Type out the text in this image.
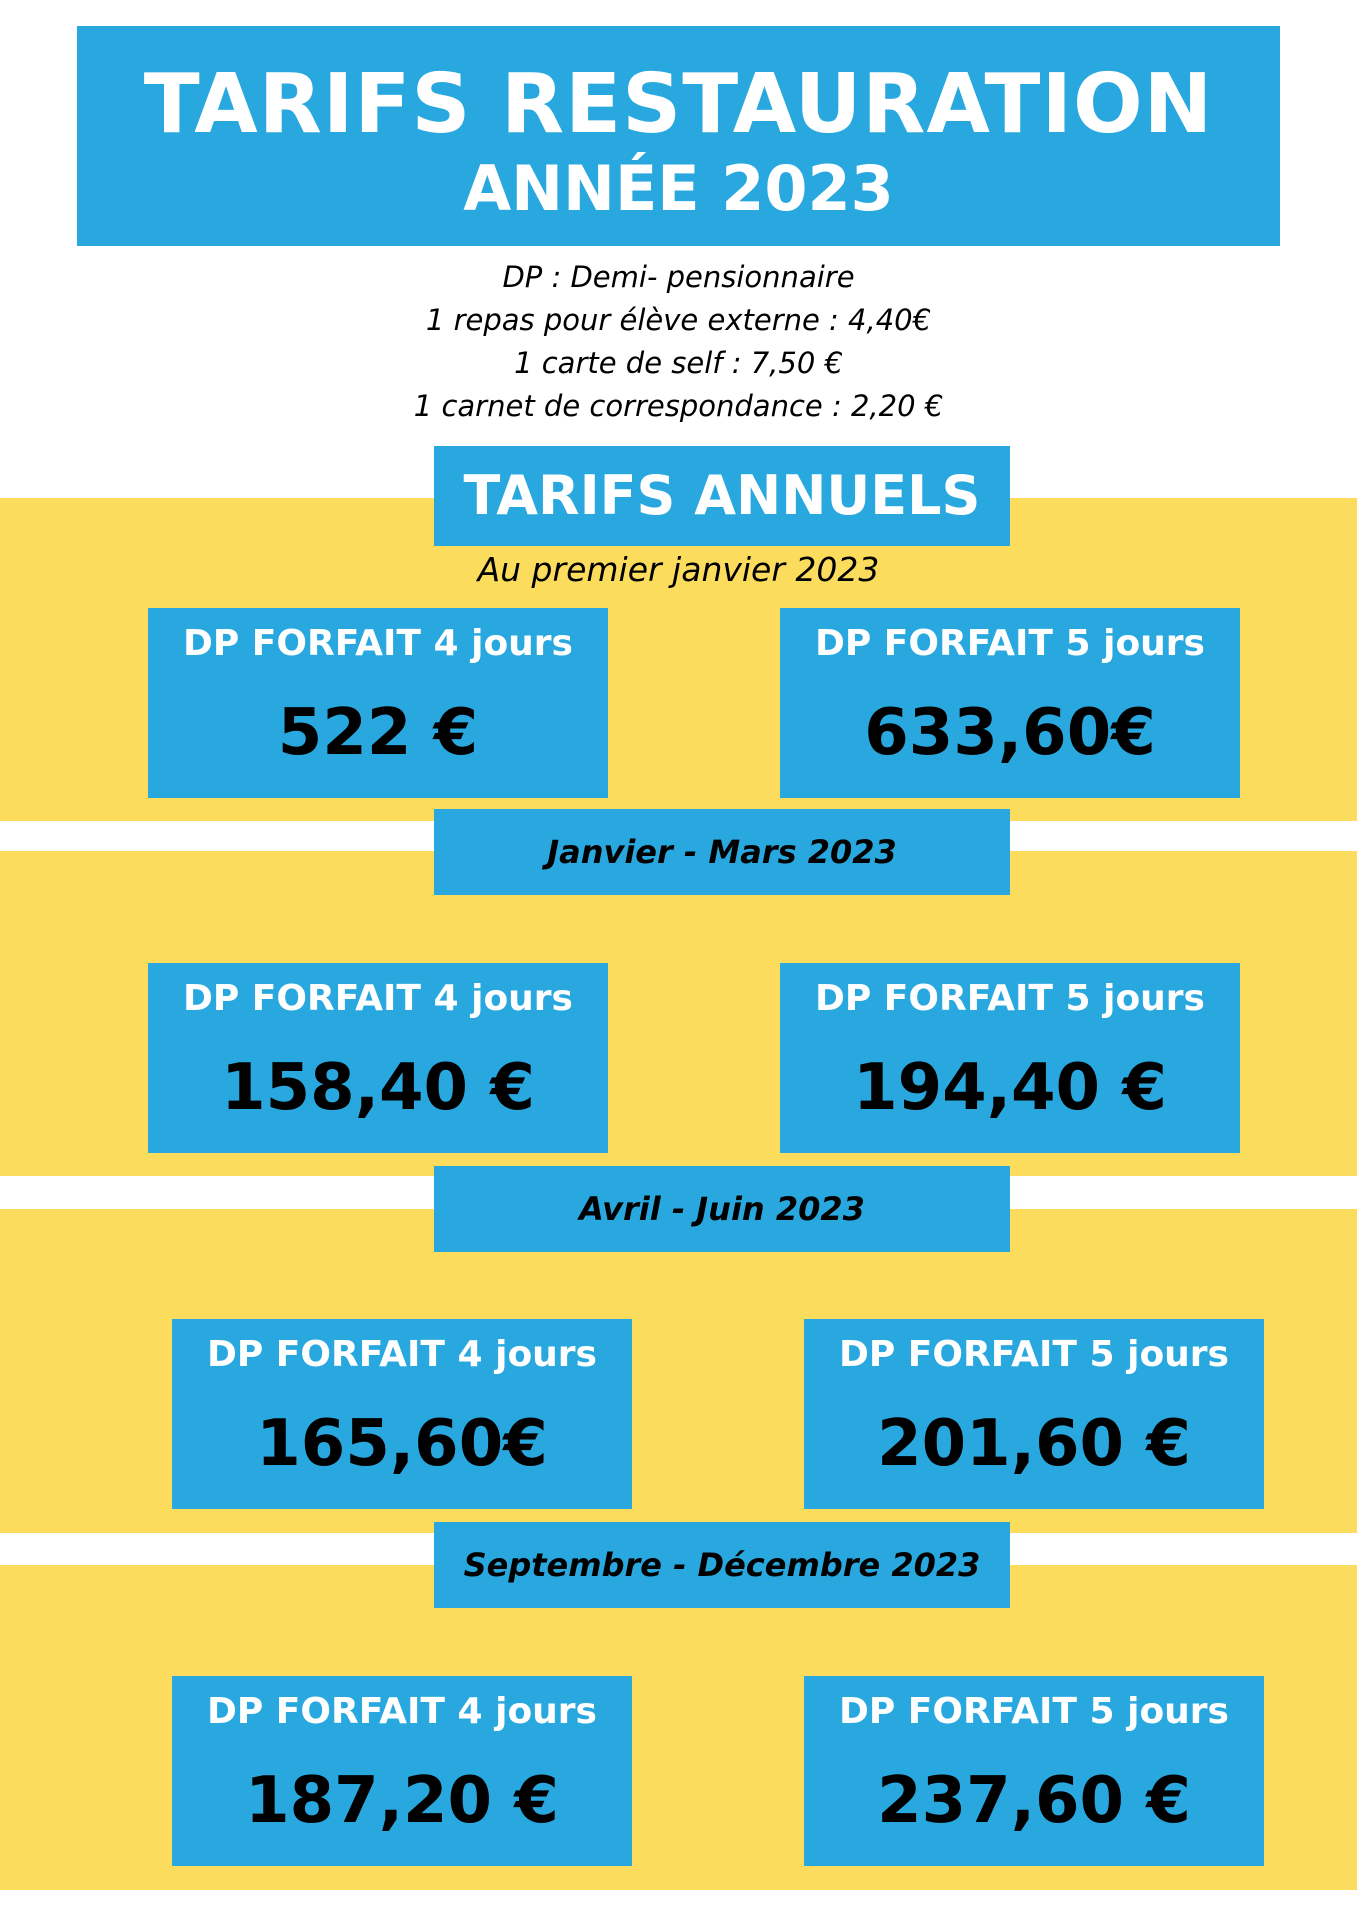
TARIFS RESTAURATION
ANNÉE 2023
DP : Demi- pensionnaire
1 repas pour élève externe : 4,40€
1 carte de self : 7,50 €
1 carnet de correspondance : 2,20 €
TARIFS ANNUELS
Au premier janvier 2023
DP FORFAIT 4 jours
522 €
DP FORFAIT 5 jours
633,60€
Janvier - Mars 2023
DP FORFAIT 4 jours
158,40 €
DP FORFAIT 5 jours
194,40 €
Avril - Juin 2023
DP FORFAIT 4 jours
165,60€
DP FORFAIT 5 jours
201,60 €
Septembre - Décembre 2023
DP FORFAIT 4 jours
187,20 €
DP FORFAIT 5 jours
237,60 €
